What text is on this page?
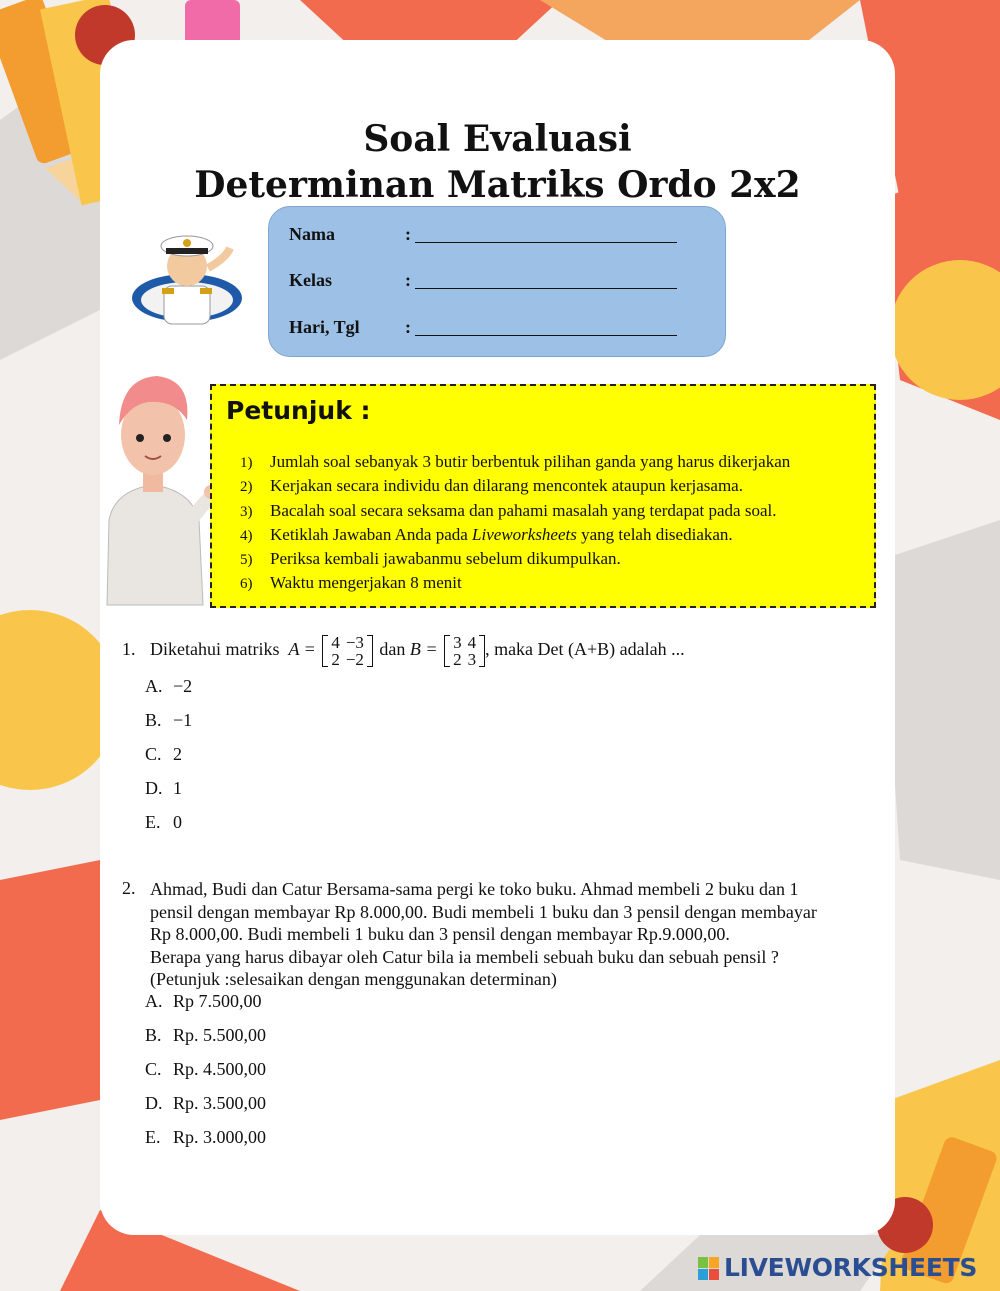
Soal Evaluasi
Determinan Matriks Ordo 2x2
Nama	:
Kelas	:
Hari, Tgl	:
Petunjuk :
1) Jumlah soal sebanyak 3 butir berbentuk pilihan ganda yang harus dikerjakan
2) Kerjakan secara individu dan dilarang mencontek ataupun kerjasama.
3) Bacalah soal secara seksama dan pahami masalah yang terdapat pada soal.
4) Ketiklah Jawaban Anda pada Liveworksheets yang telah disediakan.
5) Periksa kembali jawabanmu sebelum dikumpulkan.
6) Waktu mengerjakan 8 menit
1. Diketahui matriks A = 4	−3
2	−2
dan B = 3	4
2	3
, maka Det (A+B) adalah ...
A. −2
B. −1
C. 2
D. 1
E. 0
2. Ahmad, Budi dan Catur Bersama-sama pergi ke toko buku. Ahmad membeli 2 buku dan 1
pensil dengan membayar Rp 8.000,00. Budi membeli 1 buku dan 3 pensil dengan membayar
Rp 8.000,00. Budi membeli 1 buku dan 3 pensil dengan membayar Rp.9.000,00.
Berapa yang harus dibayar oleh Catur bila ia membeli sebuah buku dan sebuah pensil ?
(Petunjuk :selesaikan dengan menggunakan determinan)
A. Rp 7.500,00
B. Rp. 5.500,00
C. Rp. 4.500,00
D. Rp. 3.500,00
E. Rp. 3.000,00
LIVEWORKSHEETS
